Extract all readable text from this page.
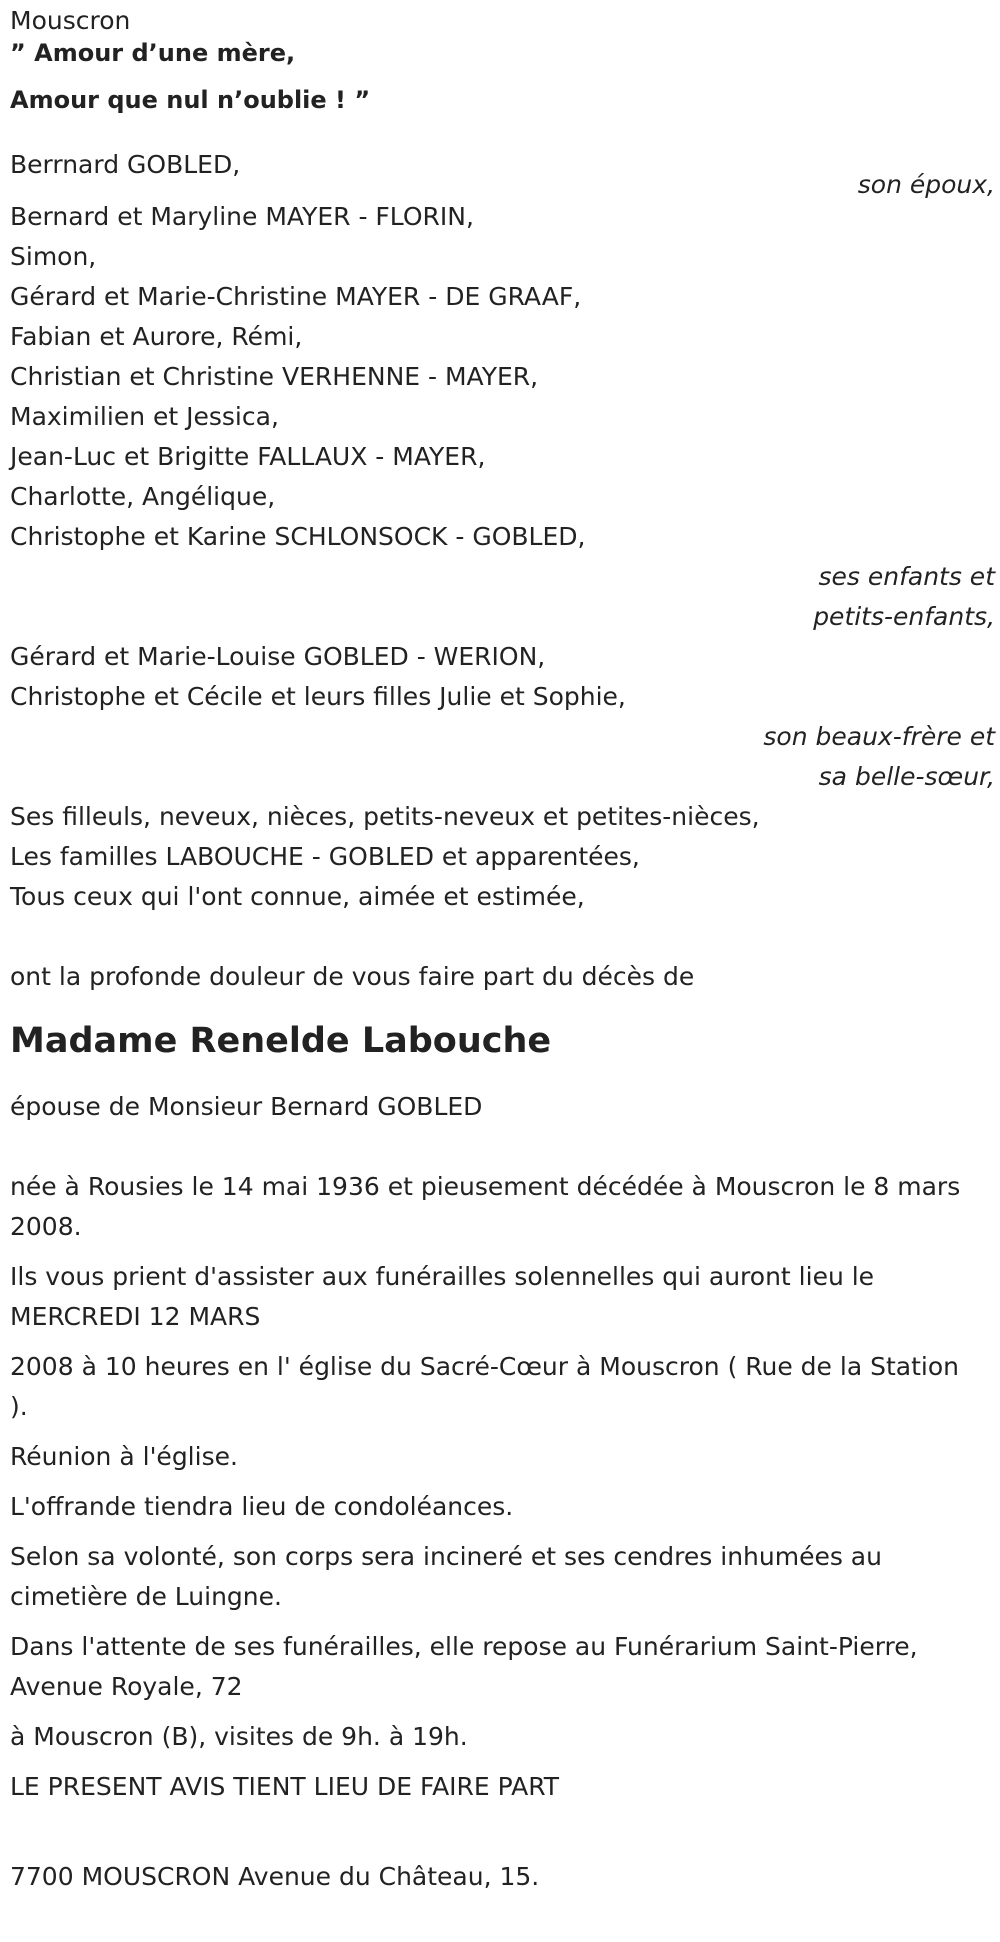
Mouscron
” Amour d’une mère,
Amour que nul n’oublie ! ”
Berrnard GOBLED,
son époux,
Bernard et Maryline MAYER - FLORIN,
Simon,
Gérard et Marie-Christine MAYER - DE GRAAF,
Fabian et Aurore, Rémi,
Christian et Christine VERHENNE - MAYER,
Maximilien et Jessica,
Jean-Luc et Brigitte FALLAUX - MAYER,
Charlotte, Angélique,
Christophe et Karine SCHLONSOCK - GOBLED,
ses enfants et
petits-enfants,
Gérard et Marie-Louise GOBLED - WERION,
Christophe et Cécile et leurs filles Julie et Sophie,
son beaux-frère et
sa belle-sœur,
Ses filleuls, neveux, nièces, petits-neveux et petites-nièces,
Les familles LABOUCHE - GOBLED et apparentées,
Tous ceux qui l'ont connue, aimée et estimée,
ont la profonde douleur de vous faire part du décès de
Madame Renelde Labouche
épouse de Monsieur Bernard GOBLED
née à Rousies le 14 mai 1936 et pieusement décédée à Mouscron le 8 mars 2008.
Ils vous prient d'assister aux funérailles solennelles qui auront lieu le MERCREDI 12 MARS
2008 à 10 heures en l' église du Sacré-Cœur à Mouscron ( Rue de la Station ).
Réunion à l'église.
L'offrande tiendra lieu de condoléances.
Selon sa volonté, son corps sera incineré et ses cendres inhumées au cimetière de Luingne.
Dans l'attente de ses funérailles, elle repose au Funérarium Saint-Pierre, Avenue Royale, 72
à Mouscron (B), visites de 9h. à 19h.
LE PRESENT AVIS TIENT LIEU DE FAIRE PART
7700 MOUSCRON Avenue du Château, 15.
